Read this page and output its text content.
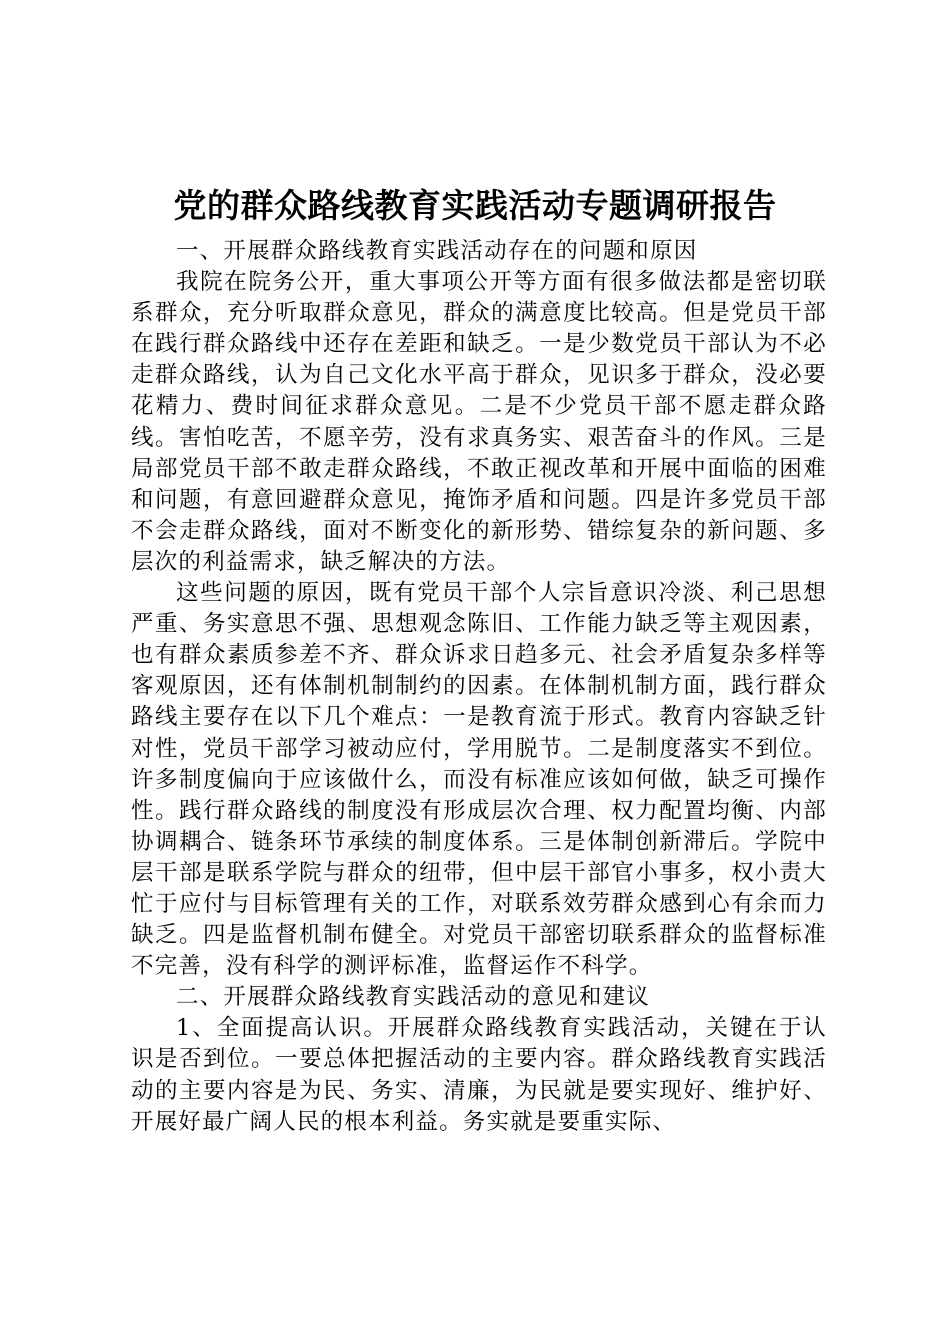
党的群众路线教育实践活动专题调研报告

一、开展群众路线教育实践活动存在的问题和原因

我院在院务公开，重大事项公开等方面有很多做法都是密切联系群众，充分听取群众意见，群众的满意度比较高。但是党员干部在践行群众路线中还存在差距和缺乏。一是少数党员干部认为不必走群众路线，认为自己文化水平高于群众，见识多于群众，没必要花精力、费时间征求群众意见。二是不少党员干部不愿走群众路线。害怕吃苦，不愿辛劳，没有求真务实、艰苦奋斗的作风。三是局部党员干部不敢走群众路线，不敢正视改革和开展中面临的困难和问题，有意回避群众意见，掩饰矛盾和问题。四是许多党员干部不会走群众路线，面对不断变化的新形势、错综复杂的新问题、多层次的利益需求，缺乏解决的方法。

这些问题的原因，既有党员干部个人宗旨意识冷淡、利己思想严重、务实意思不强、思想观念陈旧、工作能力缺乏等主观因素，也有群众素质参差不齐、群众诉求日趋多元、社会矛盾复杂多样等客观原因，还有体制机制制约的因素。在体制机制方面，践行群众路线主要存在以下几个难点：一是教育流于形式。教育内容缺乏针对性，党员干部学习被动应付，学用脱节。二是制度落实不到位。许多制度偏向于应该做什么，而没有标准应该如何做，缺乏可操作性。践行群众路线的制度没有形成层次合理、权力配置均衡、内部协调耦合、链条环节承续的制度体系。三是体制创新滞后。学院中层干部是联系学院与群众的纽带，但中层干部官小事多，权小责大忙于应付与目标管理有关的工作，对联系效劳群众感到心有余而力缺乏。四是监督机制布健全。对党员干部密切联系群众的监督标准不完善，没有科学的测评标准，监督运作不科学。

二、开展群众路线教育实践活动的意见和建议

1、全面提高认识。开展群众路线教育实践活动，关键在于认识是否到位。一要总体把握活动的主要内容。群众路线教育实践活动的主要内容是为民、务实、清廉，为民就是要实现好、维护好、开展好最广阔人民的根本利益。务实就是要重实际、
